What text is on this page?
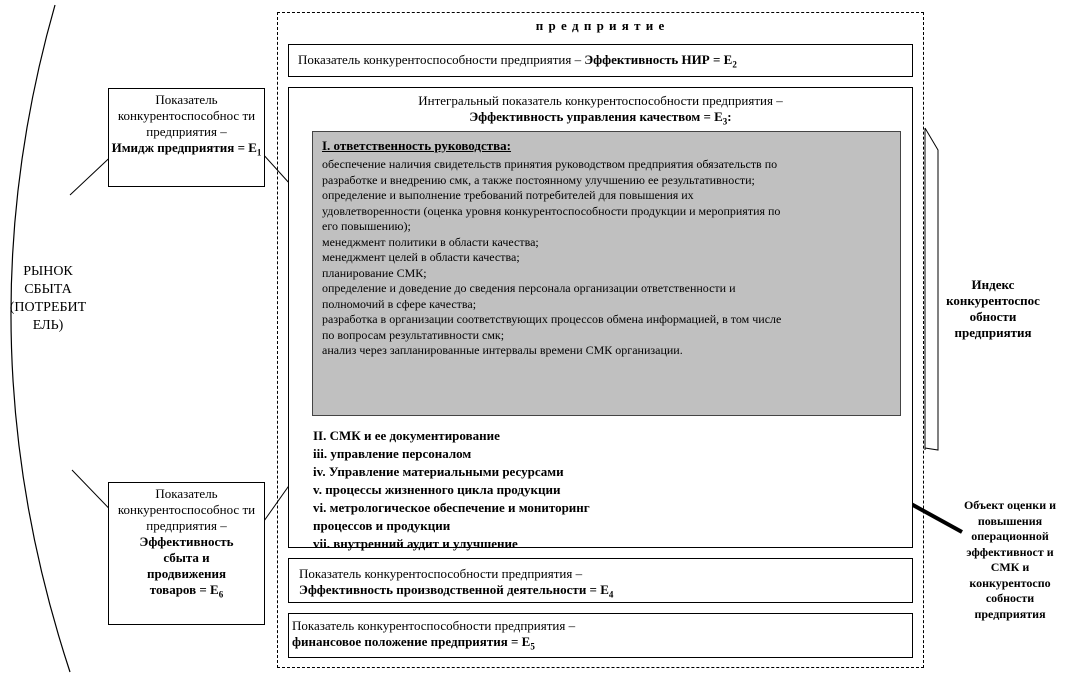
п р е д п р и я т и е
РЫНОК СБЫТА (ПОТРЕБИТ ЕЛЬ)
Показатель конкурентоспособности предприятия – Эффективность НИР = $Е_2$
Интегральный показатель конкурентоспособности предприятия –
Эффективность управления качеством = $Е_3$:
I. ответственность руководства:
обеспечение наличия свидетельств принятия руководством предприятия обязательств по
разработке и внедрению смк, а также постоянному улучшению ее результативности;
определение и выполнение требований потребителей для повышения их
удовлетворенности (оценка уровня конкурентоспособности продукции и мероприятия по
его повышению);
менеджмент политики в области качества;
менеджмент целей в области качества;
планирование СМК;
определение и доведение до сведения персонала организации ответственности и
полномочий в сфере качества;
разработка в организации соответствующих процессов обмена информацией, в том числе
по вопросам результативности смк;
анализ через запланированные интервалы времени СМК организации.
II. СМК и ее документирование
iii. управление персоналом
iv. Управление материальными ресурсами
v. процессы жизненного цикла продукции
vi. метрологическое обеспечение и мониторинг
процессов и продукции
vii. внутренний аудит и улучшение
Показатель конкурентоспособнос ти предприятия –
Имидж предприятия = $Е_1$
Показатель конкурентоспособнос ти предприятия –
Эффективность сбыта и продвижения товаров = $Е_6$
Показатель конкурентоспособности предприятия –
Эффективность производственной деятельности = $Е_4$
Показатель конкурентоспособности предприятия –
финансовое положение предприятия = $Е_5$
Индекс конкурентоспос обности предприятия
Объект оценки и повышения операционной эффективност и СМК и конкурентоспо собности предприятия
